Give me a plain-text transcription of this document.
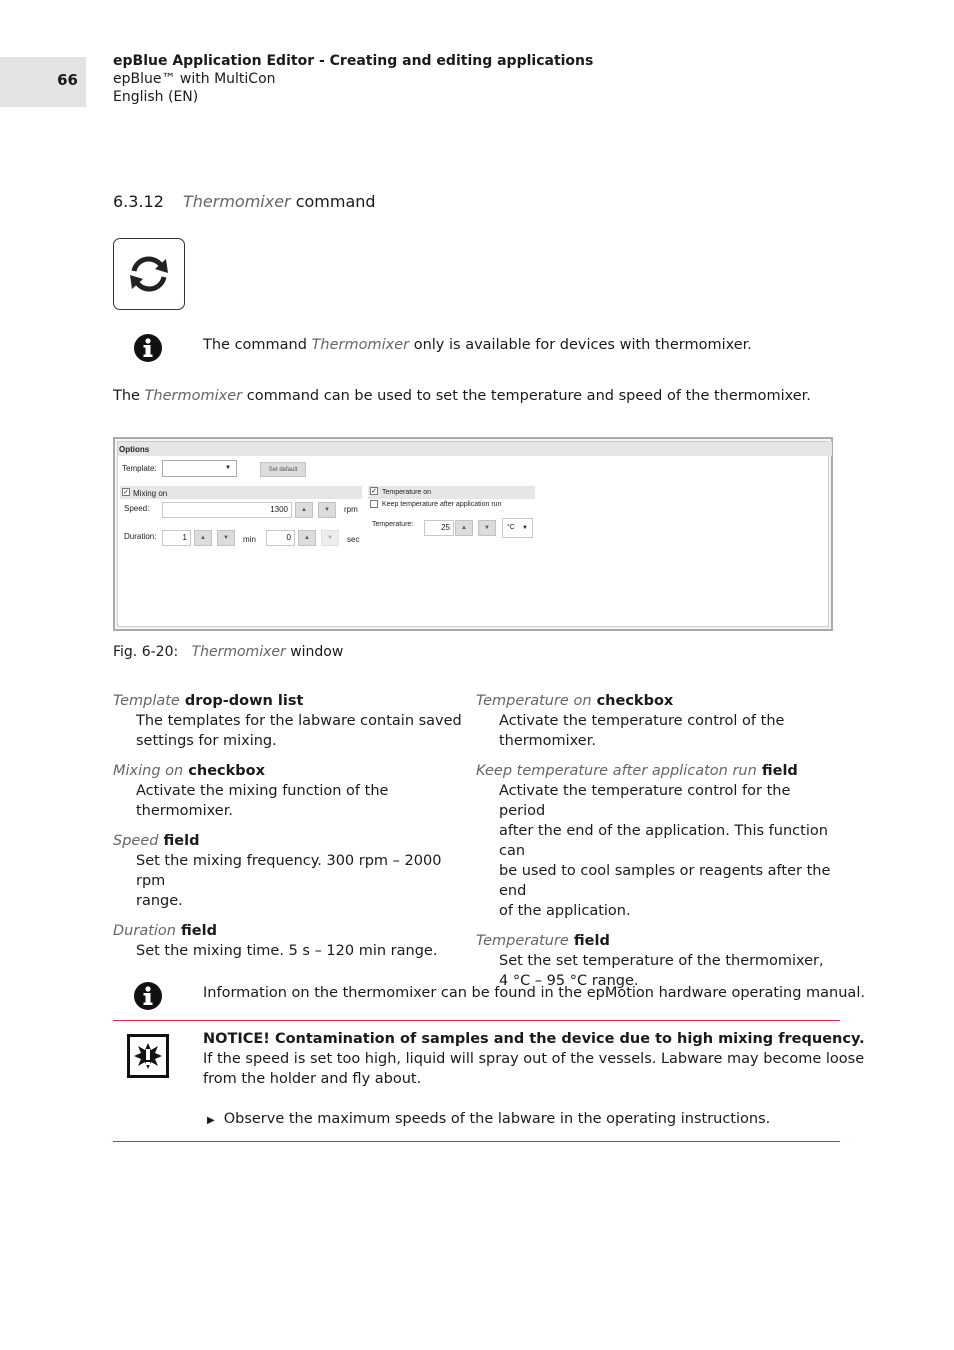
66
epBlue Application Editor - Creating and editing applications
epBlue™ with MultiCon
English (EN)
6.3.12 Thermomixer command
The command Thermomixer only is available for devices with thermomixer.
The Thermomixer command can be used to set the temperature and speed of the thermomixer.
Options
Template:	▼	Set default
✓ Mixing on
Speed:	1300	▲	▼	rpm
Duration:	1	▲	▼	min	0	▲	▼	sec
✓ Temperature on
Keep temperature after application run
Temperature:	25	▲	▼	°C ▼
Fig. 6-20: Thermomixer window
Template drop-down list
The templates for the labware contain saved
settings for mixing.
Mixing on checkbox
Activate the mixing function of the thermomixer.
Speed field
Set the mixing frequency. 300 rpm – 2000 rpm
range.
Duration field
Set the mixing time. 5 s – 120 min range.
Temperature on checkbox
Activate the temperature control of the
thermomixer.
Keep temperature after applicaton run field
Activate the temperature control for the period
after the end of the application. This function can
be used to cool samples or reagents after the end
of the application.
Temperature field
Set the set temperature of the thermomixer,
4 °C – 95 °C range.
Information on the thermomixer can be found in the epMotion hardware operating manual.
NOTICE! Contamination of samples and the device due to high mixing frequency.
If the speed is set too high, liquid will spray out of the vessels. Labware may become loose
from the holder and fly about.
▶ Observe the maximum speeds of the labware in the operating instructions.
